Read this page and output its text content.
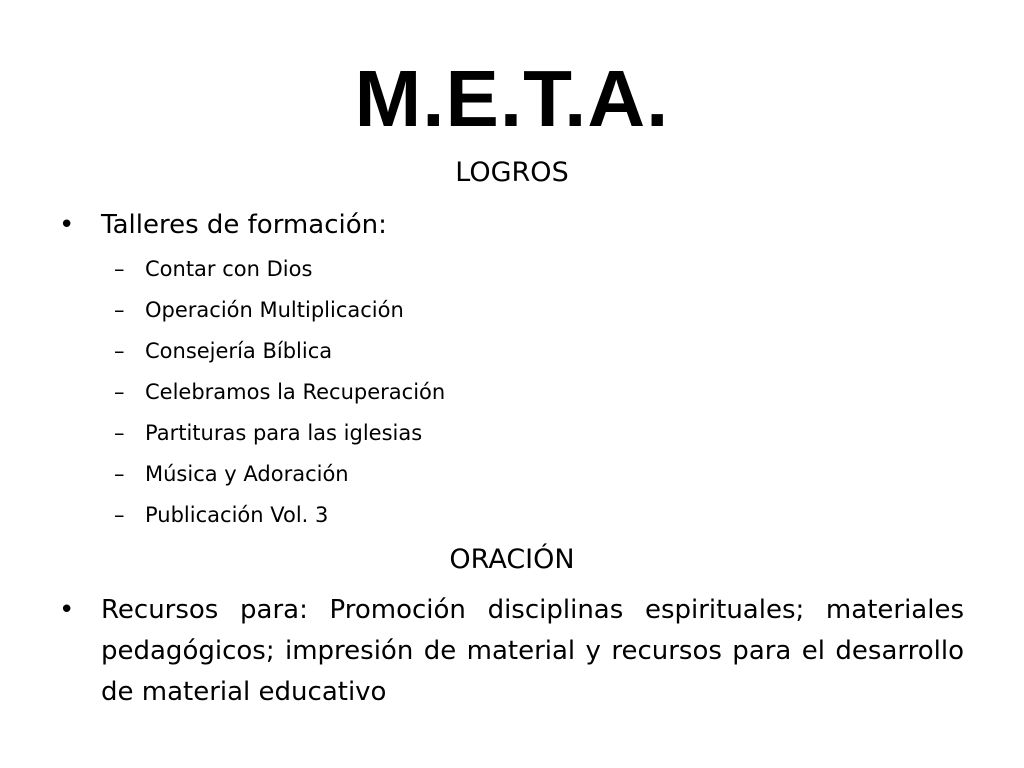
M.E.T.A.
LOGROS
• Talleres de formación:
– Contar con Dios
– Operación Multiplicación
– Consejería Bíblica
– Celebramos la Recuperación
– Partituras para las iglesias
– Música y Adoración
– Publicación Vol. 3
ORACIÓN
• Recursos para: Promoción disciplinas espirituales; materiales pedagógicos; impresión de material y recursos para el desarrollo de material educativo
